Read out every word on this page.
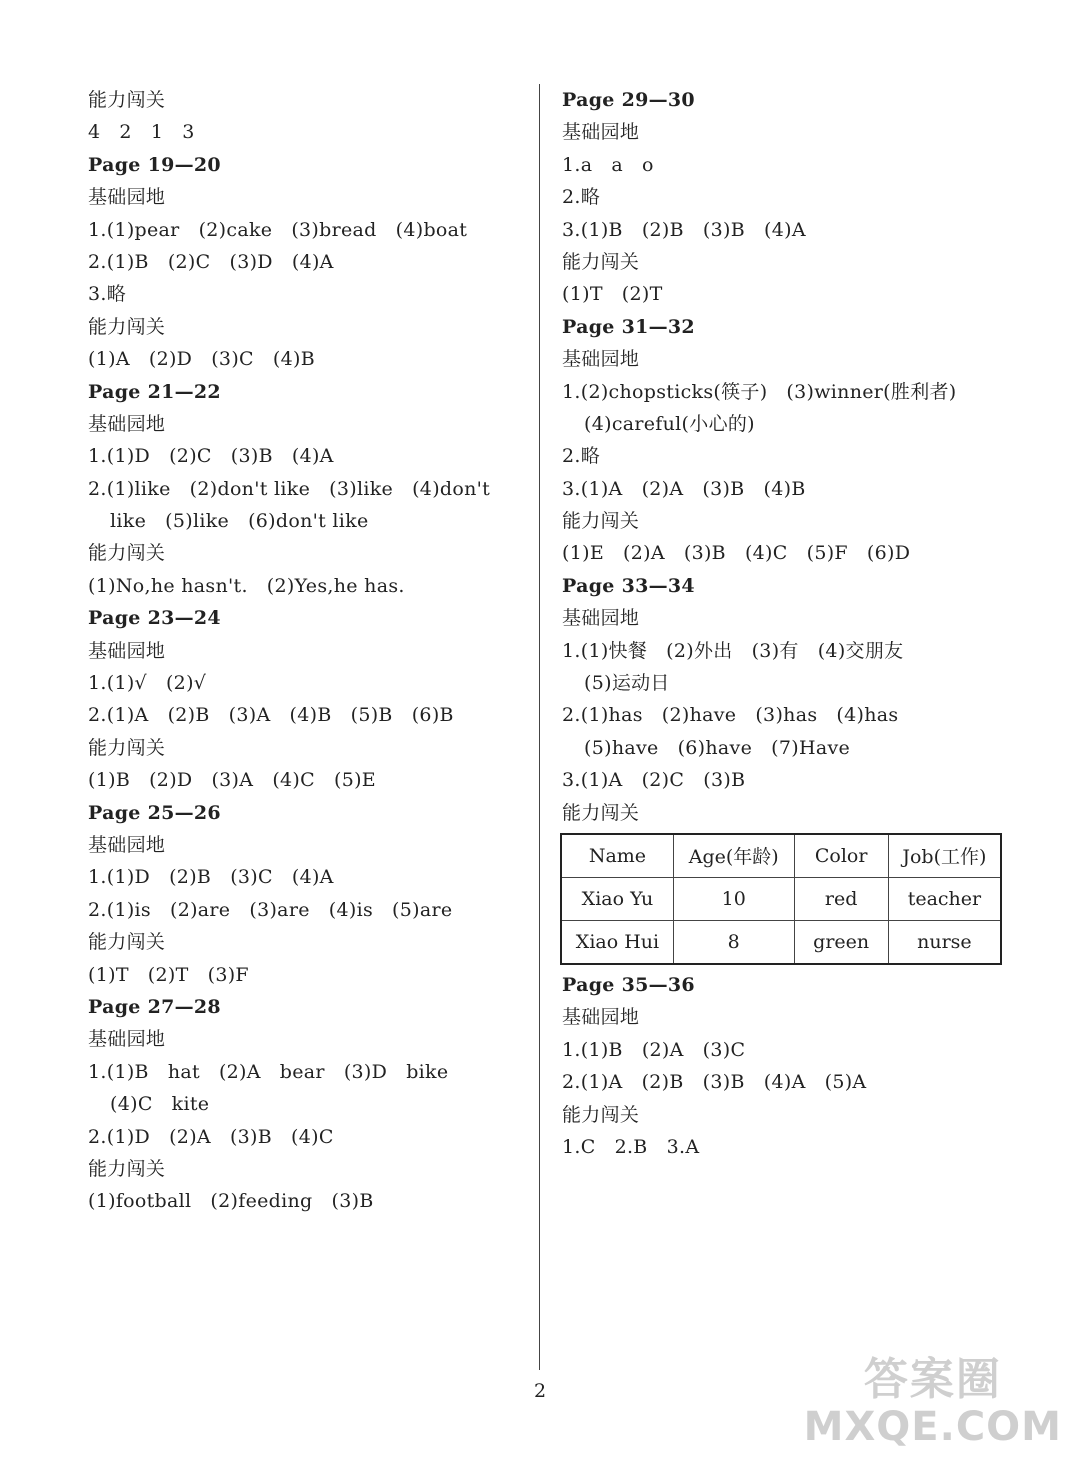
能力闯关
4   2   1   3
Page 19—20
基础园地
1.(1)pear   (2)cake   (3)bread   (4)boat
2.(1)B   (2)C   (3)D   (4)A
3.略
能力闯关
(1)A   (2)D   (3)C   (4)B
Page 21—22
基础园地
1.(1)D   (2)C   (3)B   (4)A
2.(1)like   (2)don't like   (3)like   (4)don't
like   (5)like   (6)don't like
能力闯关
(1)No,he hasn't.   (2)Yes,he has.
Page 23—24
基础园地
1.(1)√   (2)√
2.(1)A   (2)B   (3)A   (4)B   (5)B   (6)B
能力闯关
(1)B   (2)D   (3)A   (4)C   (5)E
Page 25—26
基础园地
1.(1)D   (2)B   (3)C   (4)A
2.(1)is   (2)are   (3)are   (4)is   (5)are
能力闯关
(1)T   (2)T   (3)F
Page 27—28
基础园地
1.(1)B   hat   (2)A   bear   (3)D   bike
(4)C   kite
2.(1)D   (2)A   (3)B   (4)C
能力闯关
(1)football   (2)feeding   (3)B
Page 29—30
基础园地
1.a   a   o
2.略
3.(1)B   (2)B   (3)B   (4)A
能力闯关
(1)T   (2)T
Page 31—32
基础园地
1.(2)chopsticks(筷子)   (3)winner(胜利者)
(4)careful(小心的)
2.略
3.(1)A   (2)A   (3)B   (4)B
能力闯关
(1)E   (2)A   (3)B   (4)C   (5)F   (6)D
Page 33—34
基础园地
1.(1)快餐   (2)外出   (3)有   (4)交朋友
(5)运动日
2.(1)has   (2)have   (3)has   (4)has
(5)have   (6)have   (7)Have
3.(1)A   (2)C   (3)B
能力闯关
Name	Age(年龄)	Color	Job(工作)
Xiao Yu	10	red	teacher
Xiao Hui	8	green	nurse
Page 35—36
基础园地
1.(1)B   (2)A   (3)C
2.(1)A   (2)B   (3)B   (4)A   (5)A
能力闯关
1.C   2.B   3.A
2	答案圈
MXQE.COM
